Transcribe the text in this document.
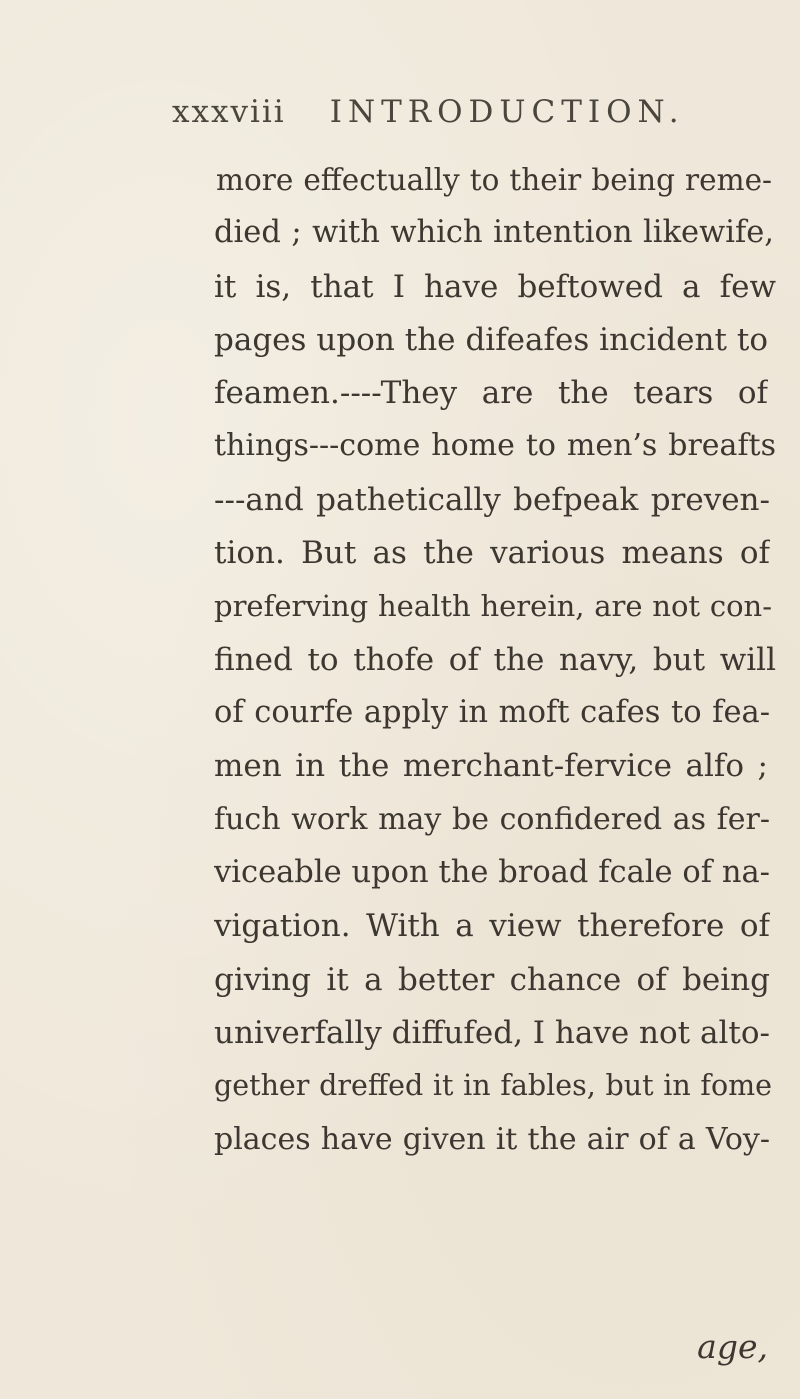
xxxviii INTRODUCTION.
more effectually to their being reme-
died ; with which intention likewife,
it is, that I have beftowed a few
pages upon the difeafes incident to
feamen.----They are the tears of
things---come home to men’s breafts
---and pathetically befpeak preven-
tion. But as the various means of
preferving health herein, are not con-
fined to thofe of the navy, but will
of courfe apply in moft cafes to fea-
men in the merchant-fervice alfo ;
fuch work may be confidered as fer-
viceable upon the broad fcale of na-
vigation. With a view therefore of
giving it a better chance of being
univerfally diffufed, I have not alto-
gether dreffed it in fables, but in fome
places have given it the air of a Voy-
age,
